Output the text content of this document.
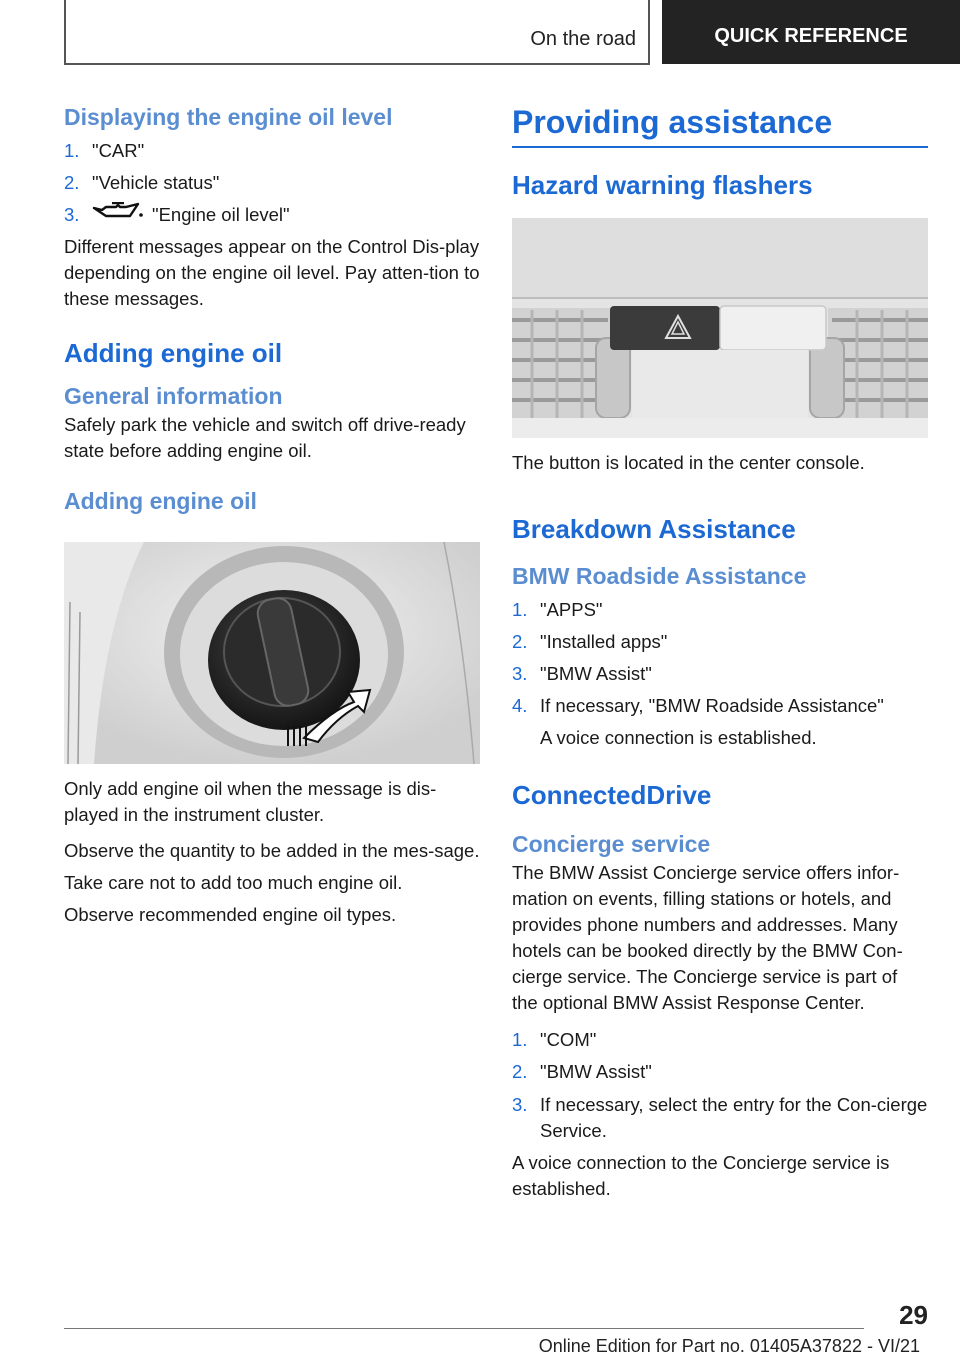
On the road	QUICK REFERENCE
Displaying the engine oil level
1. "CAR"
2. "Vehicle status"
3.	"Engine oil level"

Different messages appear on the Control Dis-play depending on the engine oil level. Pay atten-tion to these messages.

Adding engine oil
General information

Safely park the vehicle and switch off drive-ready state before adding engine oil.

Adding engine oil

Only add engine oil when the message is dis-played in the instrument cluster.

Observe the quantity to be added in the mes-sage.

Take care not to add too much engine oil.

Observe recommended engine oil types.

Providing assistance
Hazard warning flashers

The button is located in the center console.

Breakdown Assistance
BMW Roadside Assistance
1. "APPS"
2. "Installed apps"
3. "BMW Assist"
4. If necessary, "BMW Roadside Assistance"
A voice connection is established.
ConnectedDrive
Concierge service

The BMW Assist Concierge service offers infor-mation on events, filling stations or hotels, and provides phone numbers and addresses. Many hotels can be booked directly by the BMW Con-cierge service. The Concierge service is part of the optional BMW Assist Response Center.

1. "COM"
2. "BMW Assist"
3. If necessary, select the entry for the Con-cierge Service.

A voice connection to the Concierge service is established.

29
Online Edition for Part no. 01405A37822 - VI/21
